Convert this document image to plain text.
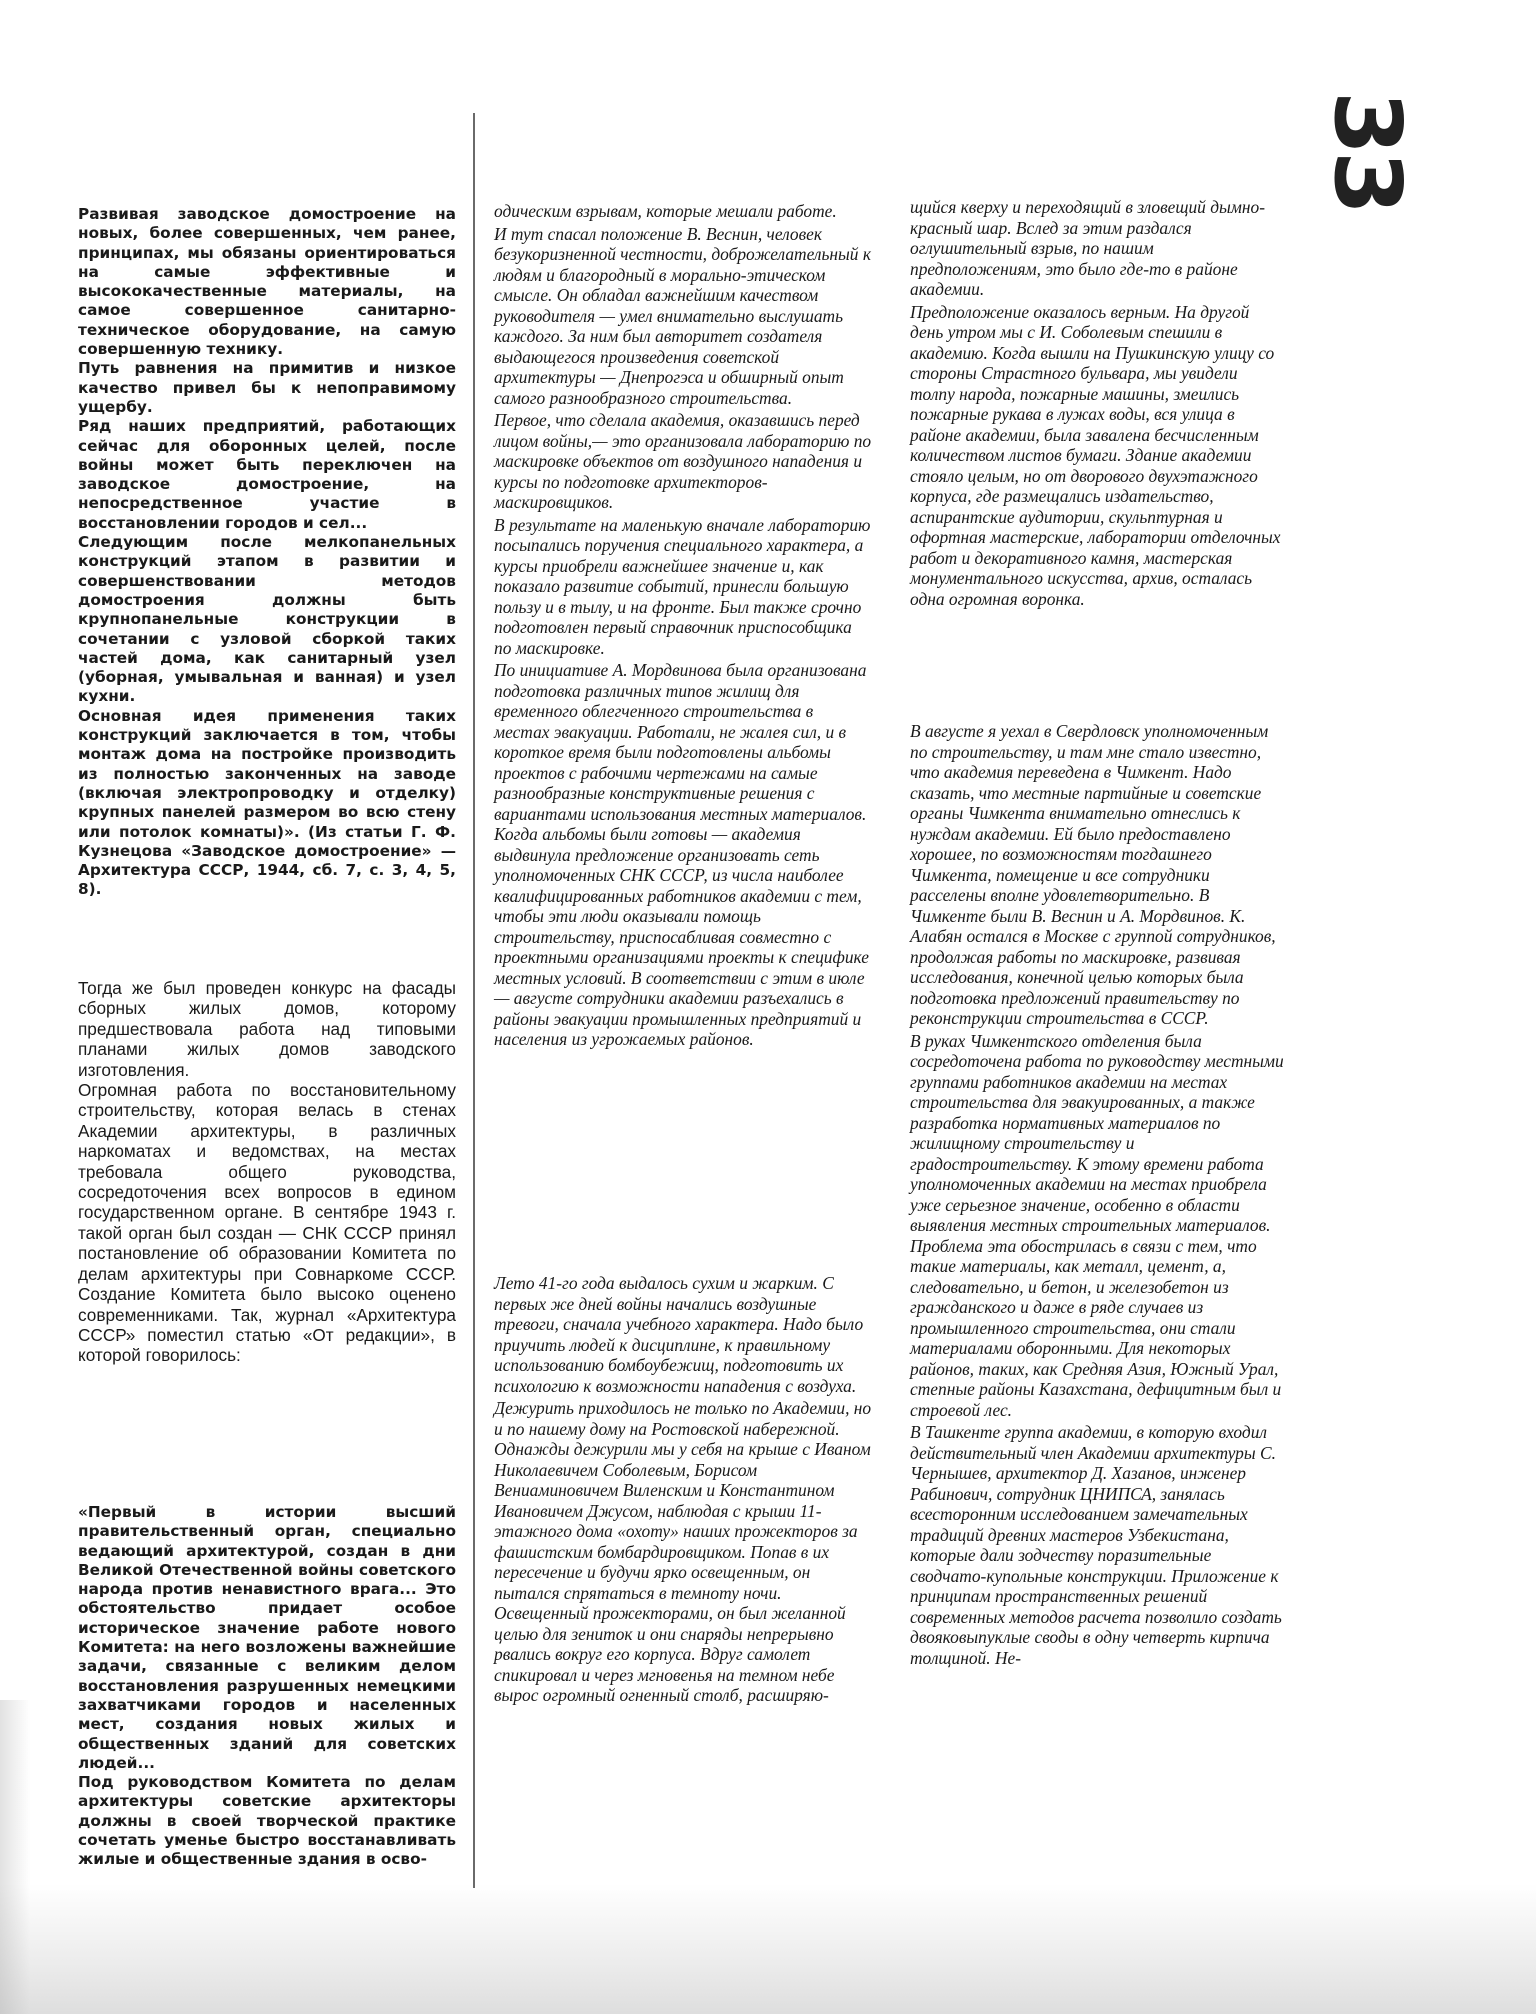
33

Развивая заводское домостроение на новых, более совершенных, чем ранее, принципах, мы обязаны ориентироваться на самые эффективные и высококачественные материалы, на самое совершенное санитарно-техническое оборудование, на самую совершенную технику.

Путь равнения на примитив и низкое качество привел бы к непоправимому ущербу.

Ряд наших предприятий, работающих сейчас для оборонных целей, после войны может быть переключен на заводское домостроение, на непосредственное участие в восстановлении городов и сел...

Следующим после мелкопанельных конструкций этапом в развитии и совершенствовании методов домостроения должны быть крупнопанельные конструкции в сочетании с узловой сборкой таких частей дома, как санитарный узел (уборная, умывальная и ванная) и узел кухни.

Основная идея применения таких конструкций заключается в том, чтобы монтаж дома на постройке производить из полностью законченных на заводе (включая электропроводку и отделку) крупных панелей размером во всю стену или потолок комнаты)». (Из статьи Г. Ф. Кузнецова «Заводское домостроение» — Архитектура СССР, 1944, сб. 7, с. 3, 4, 5, 8).

Тогда же был проведен конкурс на фасады сборных жилых домов, которому предшествовала работа над типовыми планами жилых домов заводского изготовления.

Огромная работа по восстановительному строительству, которая велась в стенах Академии архитектуры, в различных наркоматах и ведомствах, на местах требовала общего руководства, сосредоточения всех вопросов в едином государственном органе. В сентябре 1943 г. такой орган был создан — СНК СССР принял постановление об образовании Комитета по делам архитектуры при Совнаркоме СССР. Создание Комитета было высоко оценено современниками. Так, журнал «Архитектура СССР» поместил статью «От редакции», в которой говорилось:

«Первый в истории высший правительственный орган, специально ведающий архитектурой, создан в дни Великой Отечественной войны советского народа против ненавистного врага... Это обстоятельство придает особое историческое значение работе нового Комитета: на него возложены важнейшие задачи, связанные с великим делом восстановления разрушенных немецкими захватчиками городов и населенных мест, создания новых жилых и общественных зданий для советских людей...

Под руководством Комитета по делам архитектуры советские архитекторы должны в своей творческой практике сочетать уменье быстро восстанавливать жилые и общественные здания в осво-

одическим взрывам, которые мешали работе.

И тут спасал положение В. Веснин, человек безукоризненной честности, доброжелательный к людям и благородный в морально-этическом смысле. Он обладал важнейшим качеством руководителя — умел внимательно выслушать каждого. За ним был авторитет создателя выдающегося произведения советской архитектуры — Днепрогэса и обширный опыт самого разнообразного строительства.

Первое, что сделала академия, оказавшись перед лицом войны,— это организовала лабораторию по маскировке объектов от воздушного нападения и курсы по подготовке архитекторов-маскировщиков.

В результате на маленькую вначале лабораторию посыпались поручения специального характера, а курсы приобрели важнейшее значение и, как показало развитие событий, принесли большую пользу и в тылу, и на фронте. Был также срочно подготовлен первый справочник приспособщика по маскировке.

По инициативе А. Мордвинова была организована подготовка различных типов жилищ для временного облегченного строительства в местах эвакуации. Работали, не жалея сил, и в короткое время были подготовлены альбомы проектов с рабочими чертежами на самые разнообразные конструктивные решения с вариантами использования местных материалов. Когда альбомы были готовы — академия выдвинула предложение организовать сеть уполномоченных СНК СССР, из числа наиболее квалифицированных работников академии с тем, чтобы эти люди оказывали помощь строительству, приспосабливая совместно с проектными организациями проекты к специфике местных условий. В соответствии с этим в июле — августе сотрудники академии разъехались в районы эвакуации промышленных предприятий и населения из угрожаемых районов.

Лето 41-го года выдалось сухим и жарким. С первых же дней войны начались воздушные тревоги, сначала учебного характера. Надо было приучить людей к дисциплине, к правильному использованию бомбоубежищ, подготовить их психологию к возможности нападения с воздуха.

Дежурить приходилось не только по Академии, но и по нашему дому на Ростовской набережной. Однажды дежурили мы у себя на крыше с Иваном Николаевичем Соболевым, Борисом Вениаминовичем Виленским и Константином Ивановичем Джусом, наблюдая с крыши 11-этажного дома «охоту» наших прожекторов за фашистским бомбардировщиком. Попав в их пересечение и будучи ярко освещенным, он пытался спрятаться в темноту ночи. Освещенный прожекторами, он был желанной целью для зениток и они снаряды непрерывно рвались вокруг его корпуса. Вдруг самолет спикировал и через мгновенья на темном небе вырос огромный огненный столб, расширяю-

щийся кверху и переходящий в зловещий дымно-красный шар. Вслед за этим раздался оглушительный взрыв, по нашим предположениям, это было где-то в районе академии.

Предположение оказалось верным. На другой день утром мы с И. Соболевым спешили в академию. Когда вышли на Пушкинскую улицу со стороны Страстного бульвара, мы увидели толпу народа, пожарные машины, змеились пожарные рукава в лужах воды, вся улица в районе академии, была завалена бесчисленным количеством листов бумаги. Здание академии стояло целым, но от дворового двухэтажного корпуса, где размещались издательство, аспирантские аудитории, скульптурная и офортная мастерские, лаборатории отделочных работ и декоративного камня, мастерская монументального искусства, архив, осталась одна огромная воронка.

В августе я уехал в Свердловск уполномоченным по строительству, и там мне стало известно, что академия переведена в Чимкент. Надо сказать, что местные партийные и советские органы Чимкента внимательно отнеслись к нуждам академии. Ей было предоставлено хорошее, по возможностям тогдашнего Чимкента, помещение и все сотрудники расселены вполне удовлетворительно. В Чимкенте были В. Веснин и А. Мордвинов. К. Алабян остался в Москве с группой сотрудников, продолжая работы по маскировке, развивая исследования, конечной целью которых была подготовка предложений правительству по реконструкции строительства в СССР.

В руках Чимкентского отделения была сосредоточена работа по руководству местными группами работников академии на местах строительства для эвакуированных, а также разработка нормативных материалов по жилищному строительству и градостроительству. К этому времени работа уполномоченных академии на местах приобрела уже серьезное значение, особенно в области выявления местных строительных материалов. Проблема эта обострилась в связи с тем, что такие материалы, как металл, цемент, а, следовательно, и бетон, и железобетон из гражданского и даже в ряде случаев из промышленного строительства, они стали материалами оборонными. Для некоторых районов, таких, как Средняя Азия, Южный Урал, степные районы Казахстана, дефицитным был и строевой лес.

В Ташкенте группа академии, в которую входил действительный член Академии архитектуры С. Чернышев, архитектор Д. Хазанов, инженер Рабинович, сотрудник ЦНИПСА, занялась всесторонним исследованием замечательных традиций древних мастеров Узбекистана, которые дали зодчеству поразительные сводчато-купольные конструкции. Приложение к принципам пространственных решений современных методов расчета позволило создать двояковыпуклые своды в одну четверть кирпича толщиной. Не-
